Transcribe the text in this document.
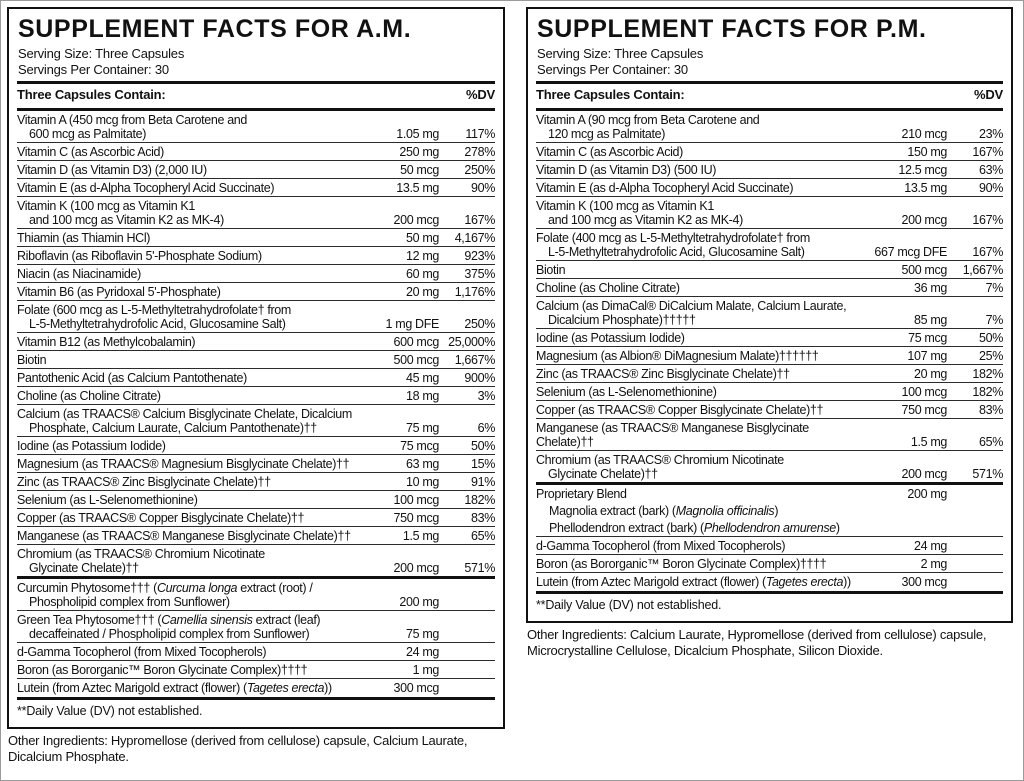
SUPPLEMENT FACTS FOR A.M.
Serving Size: Three Capsules
Servings Per Container: 30
Three Capsules Contain:	%DV
Vitamin A (450 mcg from Beta Carotene and
600 mcg as Palmitate)	1.05 mg	117%
Vitamin C (as Ascorbic Acid)	250 mg	278%
Vitamin D (as Vitamin D3) (2,000 IU)	50 mcg	250%
Vitamin E (as d-Alpha Tocopheryl Acid Succinate)	13.5 mg	90%
Vitamin K (100 mcg as Vitamin K1
and 100 mcg as Vitamin K2 as MK-4)	200 mcg	167%
Thiamin (as Thiamin HCl)	50 mg	4,167%
Riboflavin (as Riboflavin 5'-Phosphate Sodium)	12 mg	923%
Niacin (as Niacinamide)	60 mg	375%
Vitamin B6 (as Pyridoxal 5'-Phosphate)	20 mg	1,176%
Folate (600 mcg as L-5-Methyltetrahydrofolate† from
L-5-Methyltetrahydrofolic Acid, Glucosamine Salt)	1 mg DFE	250%
Vitamin B12 (as Methylcobalamin)	600 mcg 25,000%
Biotin	500 mcg	1,667%
Pantothenic Acid (as Calcium Pantothenate)	45 mg	900%
Choline (as Choline Citrate)	18 mg	3%
Calcium (as TRAACS® Calcium Bisglycinate Chelate, Dicalcium
Phosphate, Calcium Laurate, Calcium Pantothenate)††	75 mg	6%
Iodine (as Potassium Iodide)	75 mcg	50%
Magnesium (as TRAACS® Magnesium Bisglycinate Chelate)††	63 mg	15%
Zinc (as TRAACS® Zinc Bisglycinate Chelate)††	10 mg	91%
Selenium (as L-Selenomethionine)	100 mcg	182%
Copper (as TRAACS® Copper Bisglycinate Chelate)††	750 mcg	83%
Manganese (as TRAACS® Manganese Bisglycinate Chelate)††	1.5 mg	65%
Chromium (as TRAACS® Chromium Nicotinate
Glycinate Chelate)††	200 mcg	571%
Curcumin Phytosome††† (Curcuma longa extract (root) /
Phospholipid complex from Sunflower)	200 mg
Green Tea Phytosome††† (Camellia sinensis extract (leaf)
decaffeinated / Phospholipid complex from Sunflower)	75 mg
d-Gamma Tocopherol (from Mixed Tocopherols)	24 mg
Boron (as Bororganic™ Boron Glycinate Complex)††††	1 mg
Lutein (from Aztec Marigold extract (flower) (Tagetes erecta))	300 mcg
**Daily Value (DV) not established.
Other Ingredients: Hypromellose (derived from cellulose) capsule, Calcium Laurate, Dicalcium Phosphate.
SUPPLEMENT FACTS FOR P.M.
Serving Size: Three Capsules
Servings Per Container: 30
Three Capsules Contain:	%DV
Vitamin A (90 mcg from Beta Carotene and
120 mcg as Palmitate)	210 mcg	23%
Vitamin C (as Ascorbic Acid)	150 mg	167%
Vitamin D (as Vitamin D3) (500 IU)	12.5 mcg	63%
Vitamin E (as d-Alpha Tocopheryl Acid Succinate)	13.5 mg	90%
Vitamin K (100 mcg as Vitamin K1
and 100 mcg as Vitamin K2 as MK-4)	200 mcg	167%
Folate (400 mcg as L-5-Methyltetrahydrofolate† from
L-5-Methyltetrahydrofolic Acid, Glucosamine Salt)	667 mcg DFE	167%
Biotin	500 mcg	1,667%
Choline (as Choline Citrate)	36 mg	7%
Calcium (as DimaCal® DiCalcium Malate, Calcium Laurate,
Dicalcium Phosphate)†††††	85 mg	7%
Iodine (as Potassium Iodide)	75 mcg	50%
Magnesium (as Albion® DiMagnesium Malate)††††††	107 mg	25%
Zinc (as TRAACS® Zinc Bisglycinate Chelate)††	20 mg	182%
Selenium (as L-Selenomethionine)	100 mcg	182%
Copper (as TRAACS® Copper Bisglycinate Chelate)††	750 mcg	83%
Manganese (as TRAACS® Manganese Bisglycinate Chelate)††	1.5 mg	65%
Chromium (as TRAACS® Chromium Nicotinate
Glycinate Chelate)††	200 mcg	571%
Proprietary Blend	200 mg
Magnolia extract (bark) (Magnolia officinalis)
Phellodendron extract (bark) (Phellodendron amurense)
d-Gamma Tocopherol (from Mixed Tocopherols)	24 mg
Boron (as Bororganic™ Boron Glycinate Complex)††††	2 mg
Lutein (from Aztec Marigold extract (flower) (Tagetes erecta))	300 mcg
**Daily Value (DV) not established.
Other Ingredients: Calcium Laurate, Hypromellose (derived from cellulose) capsule, Microcrystalline Cellulose, Dicalcium Phosphate, Silicon Dioxide.
